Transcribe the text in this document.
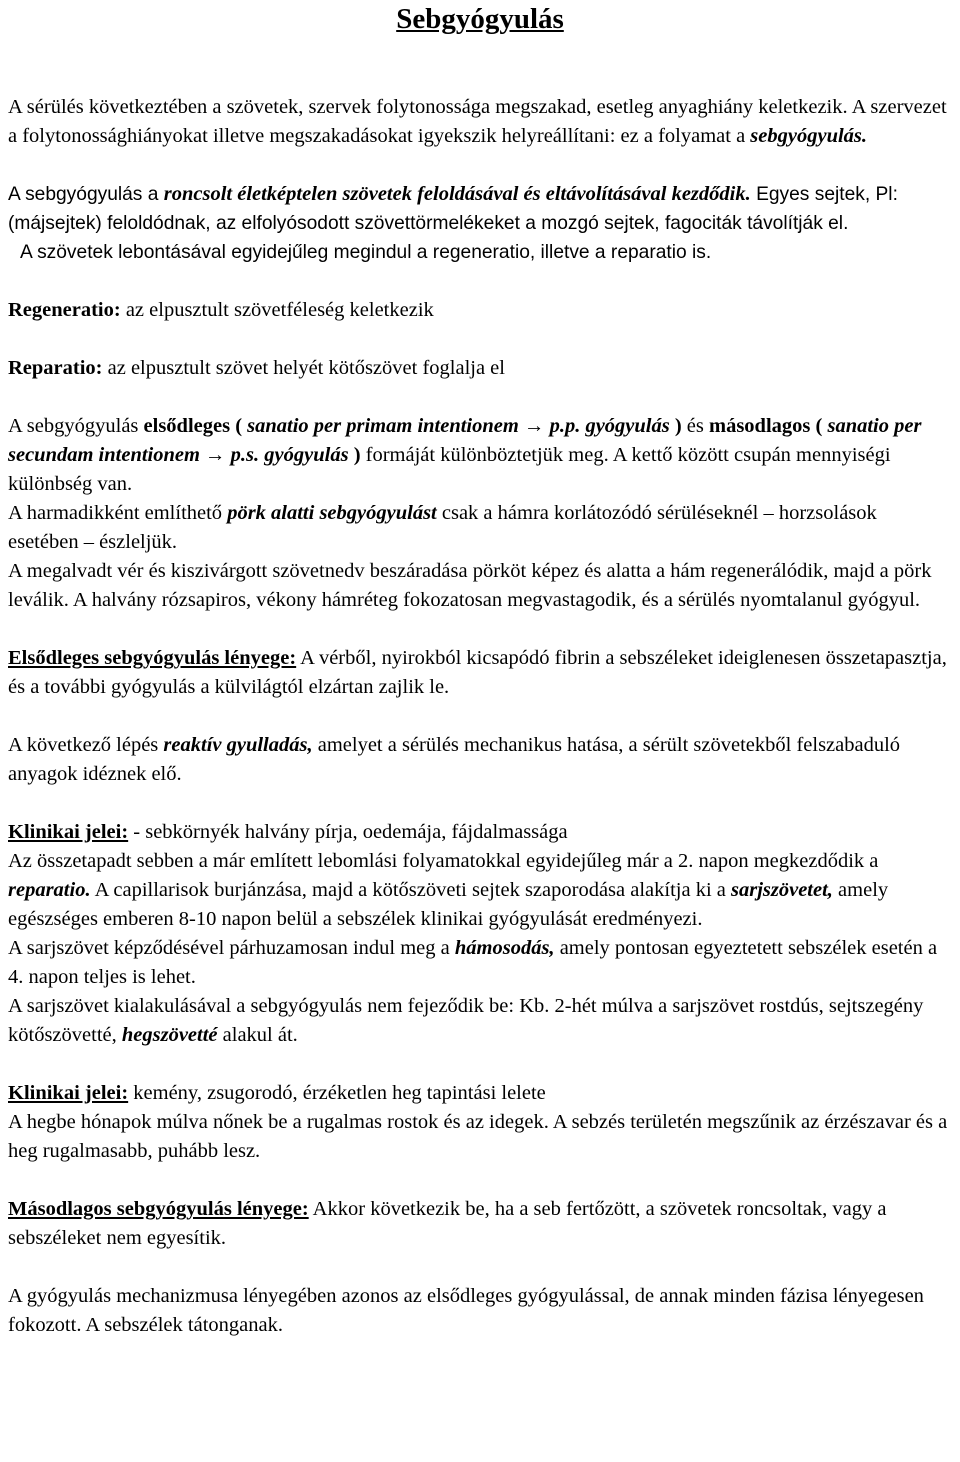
Sebgyógyulás

A sérülés következtében a szövetek, szervek folytonossága megszakad, esetleg anyaghiány keletkezik. A szervezet a folytonossághiányokat illetve megszakadásokat igyekszik helyreállítani: ez a folyamat a sebgyógyulás.

A sebgyógyulás a roncsolt életképtelen szövetek feloldásával és eltávolításával kezdődik. Egyes sejtek, Pl: (májsejtek) feloldódnak, az elfolyósodott szövettörmelékeket a mozgó sejtek, fagociták távolítják el.

A szövetek lebontásával egyidejűleg megindul a regeneratio, illetve a reparatio is.

Regeneratio: az elpusztult szövetféleség keletkezik

Reparatio: az elpusztult szövet helyét kötőszövet foglalja el

A sebgyógyulás elsődleges ( sanatio per primam intentionem → p.p. gyógyulás ) és másodlagos ( sanatio per secundam intentionem → p.s. gyógyulás ) formáját különböztetjük meg. A kettő között csupán mennyiségi különbség van.

A harmadikként említhető pörk alatti sebgyógyulást csak a hámra korlátozódó sérüléseknél – horzsolások esetében – észleljük.

A megalvadt vér és kiszivárgott szövetnedv beszáradása pörköt képez és alatta a hám regenerálódik, majd a pörk leválik. A halvány rózsapiros, vékony hámréteg fokozatosan megvastagodik, és a sérülés nyomtalanul gyógyul.

Elsődleges sebgyógyulás lényege: A vérből, nyirokból kicsapódó fibrin a sebszéleket ideiglenesen összetapasztja, és a további gyógyulás a külvilágtól elzártan zajlik le.

A következő lépés reaktív gyulladás, amelyet a sérülés mechanikus hatása, a sérült szövetekből felszabaduló anyagok idéznek elő.

Klinikai jelei: - sebkörnyék halvány pírja, oedemája, fájdalmassága

Az összetapadt sebben a már említett lebomlási folyamatokkal egyidejűleg már a 2. napon megkezdődik a reparatio. A capillarisok burjánzása, majd a kötőszöveti sejtek szaporodása alakítja ki a sarjszövetet, amely egészséges emberen 8-10 napon belül a sebszélek klinikai gyógyulását eredményezi.

A sarjszövet képződésével párhuzamosan indul meg a hámosodás, amely pontosan egyeztetett sebszélek esetén a 4. napon teljes is lehet.

A sarjszövet kialakulásával a sebgyógyulás nem fejeződik be: Kb. 2-hét múlva a sarjszövet rostdús, sejtszegény kötőszövetté, hegszövetté alakul át.

Klinikai jelei: kemény, zsugorodó, érzéketlen heg tapintási lelete

A hegbe hónapok múlva nőnek be a rugalmas rostok és az idegek. A sebzés területén megszűnik az érzészavar és a heg rugalmasabb, puhább lesz.

Másodlagos sebgyógyulás lényege: Akkor következik be, ha a seb fertőzött, a szövetek roncsoltak, vagy a sebszéleket nem egyesítik.

A gyógyulás mechanizmusa lényegében azonos az elsődleges gyógyulással, de annak minden fázisa lényegesen fokozott. A sebszélek tátonganak.
